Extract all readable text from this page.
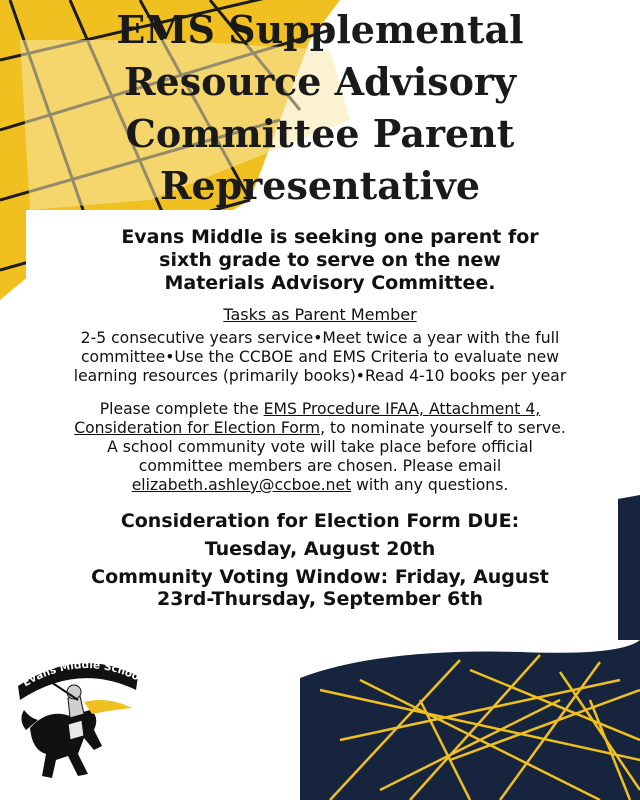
EMS Supplemental
Resource Advisory
Committee Parent
Representative
Evans Middle is seeking one parent for
sixth grade to serve on the new
Materials Advisory Committee.
Tasks as Parent Member
2-5 consecutive years service•Meet twice a year with the full
committee•Use the CCBOE and EMS Criteria to evaluate new
learning resources (primarily books)•Read 4-10 books per year
Please complete the EMS Procedure IFAA, Attachment 4,
Consideration for Election Form, to nominate yourself to serve.
A school community vote will take place before official
committee members are chosen. Please email
elizabeth.ashley@ccboe.net with any questions.
Consideration for Election Form DUE:
Tuesday, August 20th
Community Voting Window: Friday, August
23rd-Thursday, September 6th
Evans Middle Schoo
